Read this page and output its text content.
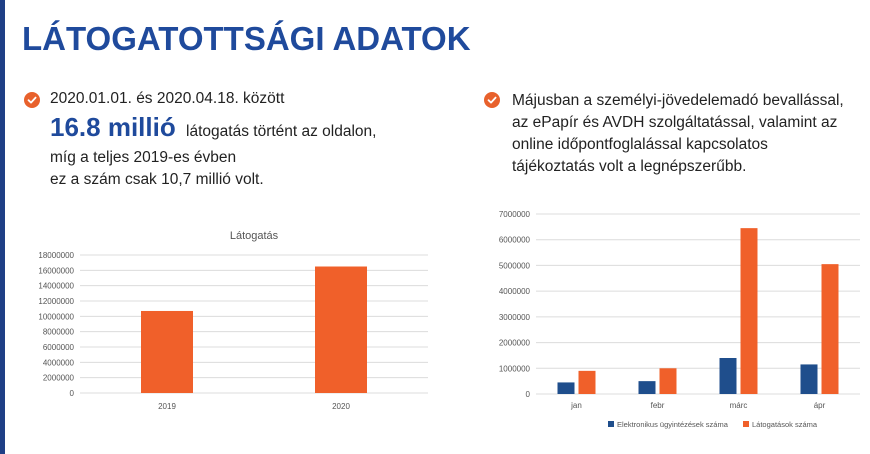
LÁTOGATOTTSÁGI ADATOK
2020.01.01. és 2020.04.18. között
16.8 millió látogatás történt az oldalon,
míg a teljes 2019-es évben
ez a szám csak 10,7 millió volt.
Májusban a személyi-jövedelemadó bevallással,
az ePapír és AVDH szolgáltatással, valamint az
online időpontfoglalással kapcsolatos
tájékoztatás volt a legnépszerűbb.
Látogatás
0
2000000
4000000
6000000
8000000
10000000
12000000
14000000
16000000
18000000
2019	2020
0
1000000
2000000
3000000
4000000
5000000
6000000
7000000
jan	febr	márc	ápr
Elektronikus ügyintézések száma	Látogatások száma
